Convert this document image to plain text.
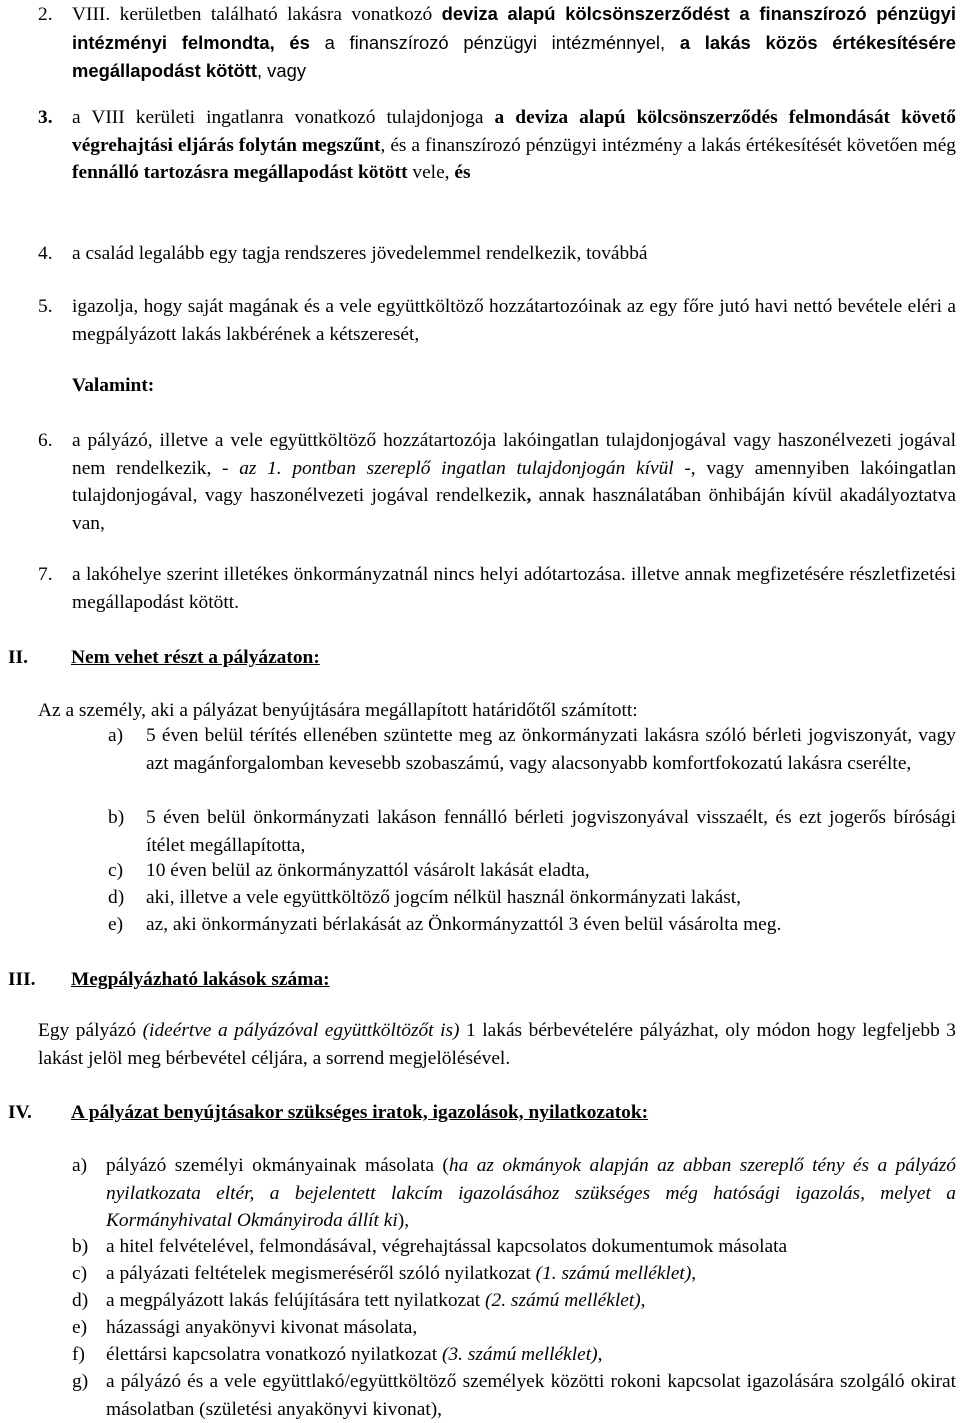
2. VIII. kerületben található lakásra vonatkozó deviza alapú kölcsönszerződést a finanszírozó pénzügyi intézményi felmondta, és a finanszírozó pénzügyi intézménnyel, a lakás közös értékesítésére megállapodást kötött, vagy
3. a VIII kerületi ingatlanra vonatkozó tulajdonjoga a deviza alapú kölcsönszerződés felmondását követő végrehajtási eljárás folytán megszűnt, és a finanszírozó pénzügyi intézmény a lakás értékesítését követően még fennálló tartozásra megállapodást kötött vele, és
4. a család legalább egy tagja rendszeres jövedelemmel rendelkezik, továbbá
5. igazolja, hogy saját magának és a vele együttköltöző hozzátartozóinak az egy főre jutó havi nettó bevétele eléri a megpályázott lakás lakbérének a kétszeresét,
Valamint:
6. a pályázó, illetve a vele együttköltöző hozzátartozója lakóingatlan tulajdonjogával vagy haszonélvezeti jogával nem rendelkezik, - az 1. pontban szereplő ingatlan tulajdonjogán kívül -, vagy amennyiben lakóingatlan tulajdonjogával, vagy haszonélvezeti jogával rendelkezik, annak használatában önhibáján kívül akadályoztatva van,
7. a lakóhelye szerint illetékes önkormányzatnál nincs helyi adótartozása. illetve annak megfizetésére részletfizetési megállapodást kötött.
II. Nem vehet részt a pályázaton:
Az a személy, aki a pályázat benyújtására megállapított határidőtől számított:
a) 5 éven belül térítés ellenében szüntette meg az önkormányzati lakásra szóló bérleti jogviszonyát, vagy azt magánforgalomban kevesebb szobaszámú, vagy alacsonyabb komfortfokozatú lakásra cserélte,
b) 5 éven belül önkormányzati lakáson fennálló bérleti jogviszonyával visszaélt, és ezt jogerős bírósági ítélet megállapította,
c) 10 éven belül az önkormányzattól vásárolt lakását eladta,
d) aki, illetve a vele együttköltöző jogcím nélkül használ önkormányzati lakást,
e) az, aki önkormányzati bérlakását az Önkormányzattól 3 éven belül vásárolta meg.
III. Megpályázható lakások száma:
Egy pályázó (ideértve a pályázóval együttköltözőt is) 1 lakás bérbevételére pályázhat, oly módon hogy legfeljebb 3 lakást jelöl meg bérbevétel céljára, a sorrend megjelölésével.
IV. A pályázat benyújtásakor szükséges iratok, igazolások, nyilatkozatok:
a) pályázó személyi okmányainak másolata (ha az okmányok alapján az abban szereplő tény és a pályázó nyilatkozata eltér, a bejelentett lakcím igazolásához szükséges még hatósági igazolás, melyet a Kormányhivatal Okmányiroda állít ki),
b) a hitel felvételével, felmondásával, végrehajtással kapcsolatos dokumentumok másolata
c) a pályázati feltételek megismeréséről szóló nyilatkozat (1. számú melléklet),
d) a megpályázott lakás felújítására tett nyilatkozat (2. számú melléklet),
e) házassági anyakönyvi kivonat másolata,
f) élettársi kapcsolatra vonatkozó nyilatkozat (3. számú melléklet),
g) a pályázó és a vele együttlakó/együttköltöző személyek közötti rokoni kapcsolat igazolására szolgáló okirat másolatban (születési anyakönyvi kivonat),
